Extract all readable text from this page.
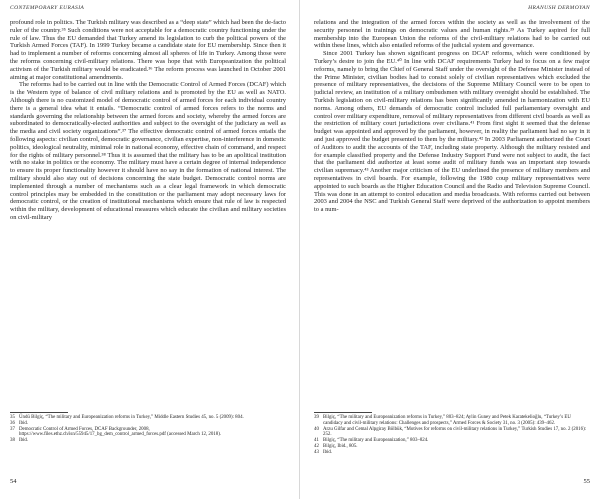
CONTEMPORARY EURASIA

profound role in politics. The Turkish military was described as a “deep state” which had been the de-facto ruler of the country.³⁵ Such conditions were not acceptable for a democratic country functioning under the rule of law. Thus the EU demanded that Turkey amend its legislation to curb the political powers of the Turkish Armed Forces (TAF). In 1999 Turkey became a candidate state for EU membership. Since then it had to implement a number of reforms concerning almost all spheres of life in Turkey. Among those were the reforms concerning civil-military relations. There was hope that with Europeanization the political activism of the Turkish military would be eradicated.³⁶ The reform process was launched in October 2001 aiming at major constitutional amendments.

The reforms had to be carried out in line with the Democratic Control of Armed Forces (DCAF) which is the Western type of balance of civil military relations and is promoted by the EU as well as NATO. Although there is no customized model of democratic control of armed forces for each individual country there is a general idea what it entails. “Democratic control of armed forces refers to the norms and standards governing the relationship between the armed forces and society, whereby the armed forces are subordinated to democratically-elected authorities and subject to the oversight of the judiciary as well as the media and civil society organizations”.³⁷ The effective democratic control of armed forces entails the following aspects: civilian control, democratic governance, civilian expertise, non-interference in domestic politics, ideological neutrality, minimal role in national economy, effective chain of command, and respect for the rights of military personnel.³⁸ Thus it is assumed that the military has to be an apolitical institution with no stake in politics or the economy. The military must have a certain degree of internal independence to ensure its proper functionality however it should have no say in the formation of national interest. The military should also stay out of decisions concerning the state budget. Democratic control norms are implemented through a number of mechanisms such as a clear legal framework in which democratic control principles may be embedded in the constitution or the parliament may adopt necessary laws for democratic control, or the creation of institutional mechanisms which ensure that rule of law is respected within the military, development of educational measures which educate the civilian and military societies on civil-military

35 Ündü Bilgiç, “The military and Europeanization reforms in Turkey,” Middle Eastern Studies 45, no. 5 (2009): 804.
36 Ibid.
37 Democratic Control of Armed Forces, DCAF Backgrounder, 2008, https://www.files.ethz.ch/isn/55945/17_bg_dem_control_armed_forces.pdf (accessed March 12, 2018).
38 Ibid.
54
HRANUSH DERMOYAN

relations and the integration of the armed forces within the society as well as the involvement of the security personnel in trainings on democratic values and human rights.³⁹ As Turkey aspired for full membership into the European Union the reforms of the civil-military relations had to be carried out within these lines, which also entailed reforms of the judicial system and governance.

Since 2001 Turkey has shown significant progress on DCAF reforms, which were conditioned by Turkey’s desire to join the EU.⁴⁰ In line with DCAF requirements Turkey had to focus on a few major reforms, namely to bring the Chief of General Staff under the oversight of the Defense Minister instead of the Prime Minister, civilian bodies had to consist solely of civilian representatives which excluded the presence of military representatives, the decisions of the Supreme Military Council were to be open to judicial review, an institution of a military ombudsmen with military oversight should be established. The Turkish legislation on civil-military relations has been significantly amended in harmonization with EU norms. Among others, EU demands of democratic control included full parliamentary oversight and control over military expenditure, removal of military representatives from different civil boards as well as the restriction of military court jurisdictions over civilians.⁴¹ From first sight it seemed that the defense budget was appointed and approved by the parliament, however, in reality the parliament had no say in it and just approved the budget presented to them by the military.⁴² In 2003 Parliament authorized the Court of Auditors to audit the accounts of the TAF, including state property. Although the military resisted and for example classified property and the Defense Industry Support Fund were not subject to audit, the fact that the parliament did authorize at least some audit of military funds was an important step towards civilian supremacy.⁴³ Another major criticism of the EU underlined the presence of military members and representatives in civil boards. For example, following the 1980 coup military representatives were appointed to such boards as the Higher Education Council and the Radio and Television Supreme Council. This was done in an attempt to control education and media broadcasts. With reforms carried out between 2003 and 2004 the NSC and Turkish General Staff were deprived of the authorization to appoint members to a num-

39 Bilgiç, “The military and Europeanization reforms in Turkey,” 803–824; Aylin Guney and Petek Karatekelioğlu, “Turkey’s EU candidacy and civil-military relations: Challenges and prospects,” Armed Forces & Society 31, no. 3 (2005): 439–462.
40 Arzu Gilfar and Cemal Alpgiray Bölbük, “Motives for reforms on civil-military relations in Turkey,” Turkish Studies 17, no. 2 (2016): 252.
41 Bilgiç, “The military and Europeanization,” 803–824.
42 Bilgiç, Ibid., 805.
43 Ibid.
55
